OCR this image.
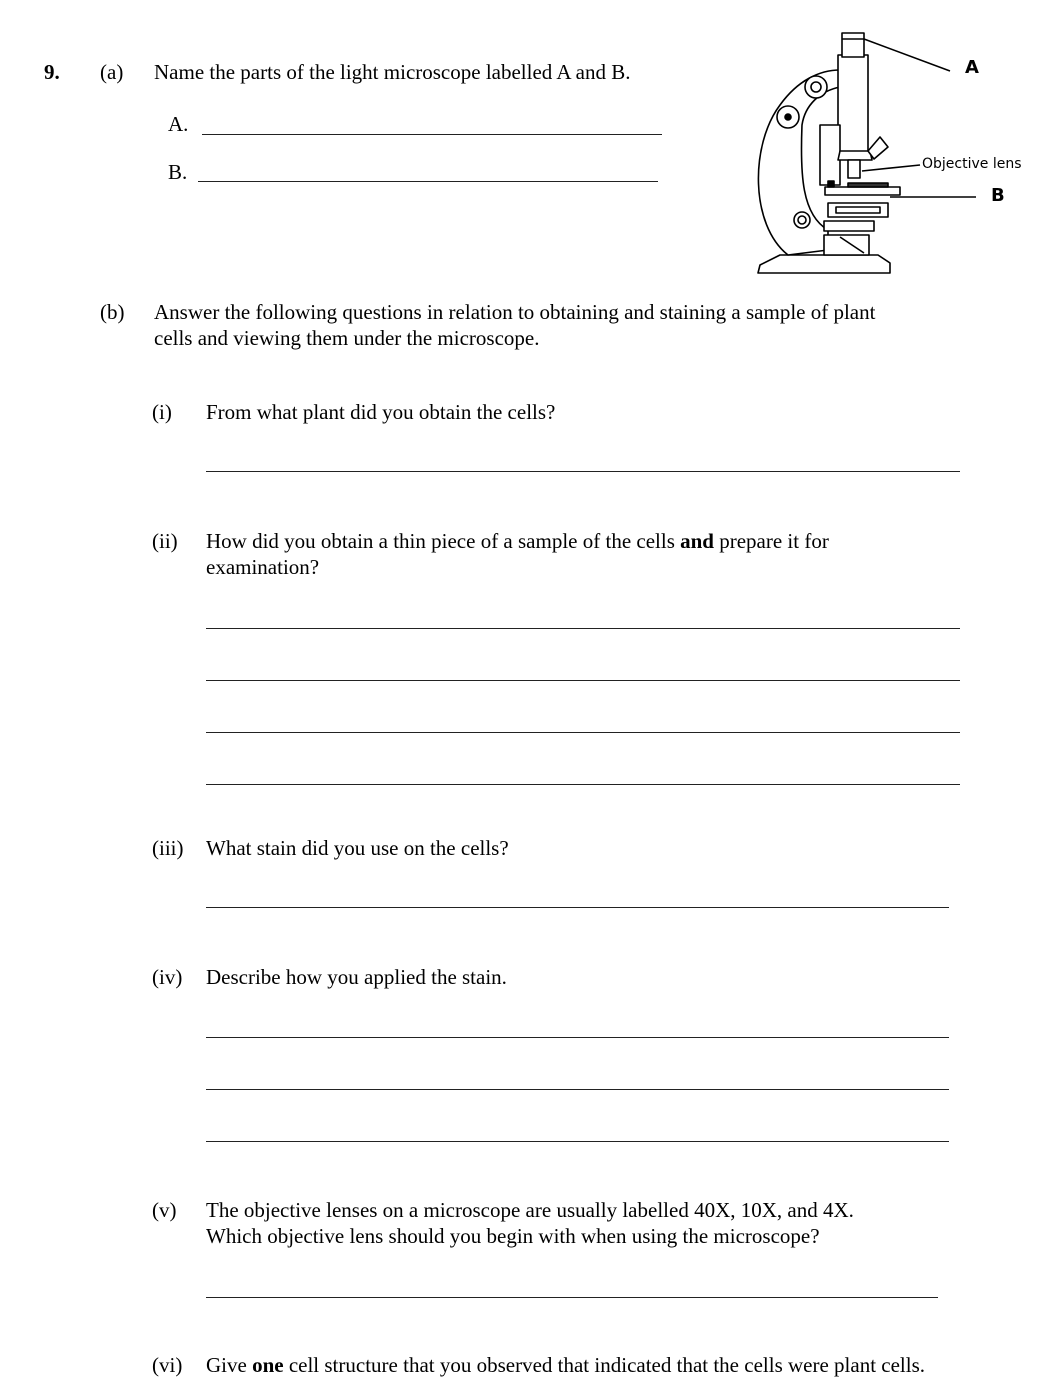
9. (a) Name the parts of the light microscope labelled A and B.
A.
B.
A
Objective lens
B
(b) Answer the following questions in relation to obtaining and staining a sample of plant
cells and viewing them under the microscope.
(i) From what plant did you obtain the cells?
(ii) How did you obtain a thin piece of a sample of the cells and prepare it for
examination?
(iii) What stain did you use on the cells?
(iv) Describe how you applied the stain.
(v) The objective lenses on a microscope are usually labelled 40X, 10X, and 4X.
Which objective lens should you begin with when using the microscope?
(vi) Give one cell structure that you observed that indicated that the cells were plant cells.
